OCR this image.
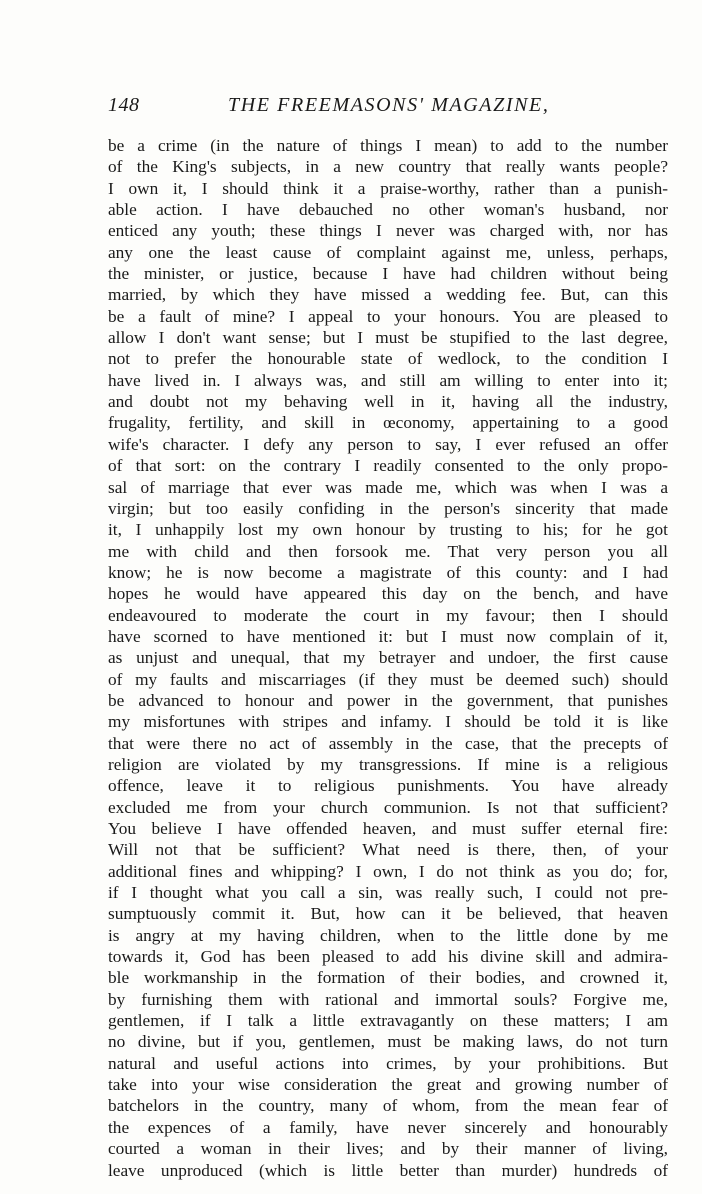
148	THE FREEMASONS' MAGAZINE,
be a crime (in the nature of things I mean) to add to the number
of the King's subjects, in a new country that really wants people?
I own it, I should think it a praise-worthy, rather than a punish-
able action. I have debauched no other woman's husband, nor
enticed any youth; these things I never was charged with, nor has
any one the least cause of complaint against me, unless, perhaps,
the minister, or justice, because I have had children without being
married, by which they have missed a wedding fee. But, can this
be a fault of mine? I appeal to your honours. You are pleased to
allow I don't want sense; but I must be stupified to the last degree,
not to prefer the honourable state of wedlock, to the condition I
have lived in. I always was, and still am willing to enter into it;
and doubt not my behaving well in it, having all the industry,
frugality, fertility, and skill in œconomy, appertaining to a good
wife's character. I defy any person to say, I ever refused an offer
of that sort: on the contrary I readily consented to the only propo-
sal of marriage that ever was made me, which was when I was a
virgin; but too easily confiding in the person's sincerity that made
it, I unhappily lost my own honour by trusting to his; for he got
me with child and then forsook me. That very person you all
know; he is now become a magistrate of this county: and I had
hopes he would have appeared this day on the bench, and have
endeavoured to moderate the court in my favour; then I should
have scorned to have mentioned it: but I must now complain of it,
as unjust and unequal, that my betrayer and undoer, the first cause
of my faults and miscarriages (if they must be deemed such) should
be advanced to honour and power in the government, that punishes
my misfortunes with stripes and infamy. I should be told it is like
that were there no act of assembly in the case, that the precepts of
religion are violated by my transgressions. If mine is a religious
offence, leave it to religious punishments. You have already
excluded me from your church communion. Is not that sufficient?
You believe I have offended heaven, and must suffer eternal fire:
Will not that be sufficient? What need is there, then, of your
additional fines and whipping? I own, I do not think as you do; for,
if I thought what you call a sin, was really such, I could not pre-
sumptuously commit it. But, how can it be believed, that heaven
is angry at my having children, when to the little done by me
towards it, God has been pleased to add his divine skill and admira-
ble workmanship in the formation of their bodies, and crowned it,
by furnishing them with rational and immortal souls? Forgive me,
gentlemen, if I talk a little extravagantly on these matters; I am
no divine, but if you, gentlemen, must be making laws, do not turn
natural and useful actions into crimes, by your prohibitions. But
take into your wise consideration the great and growing number of
batchelors in the country, many of whom, from the mean fear of
the expences of a family, have never sincerely and honourably
courted a woman in their lives; and by their manner of living,
leave unproduced (which is little better than murder) hundreds of
